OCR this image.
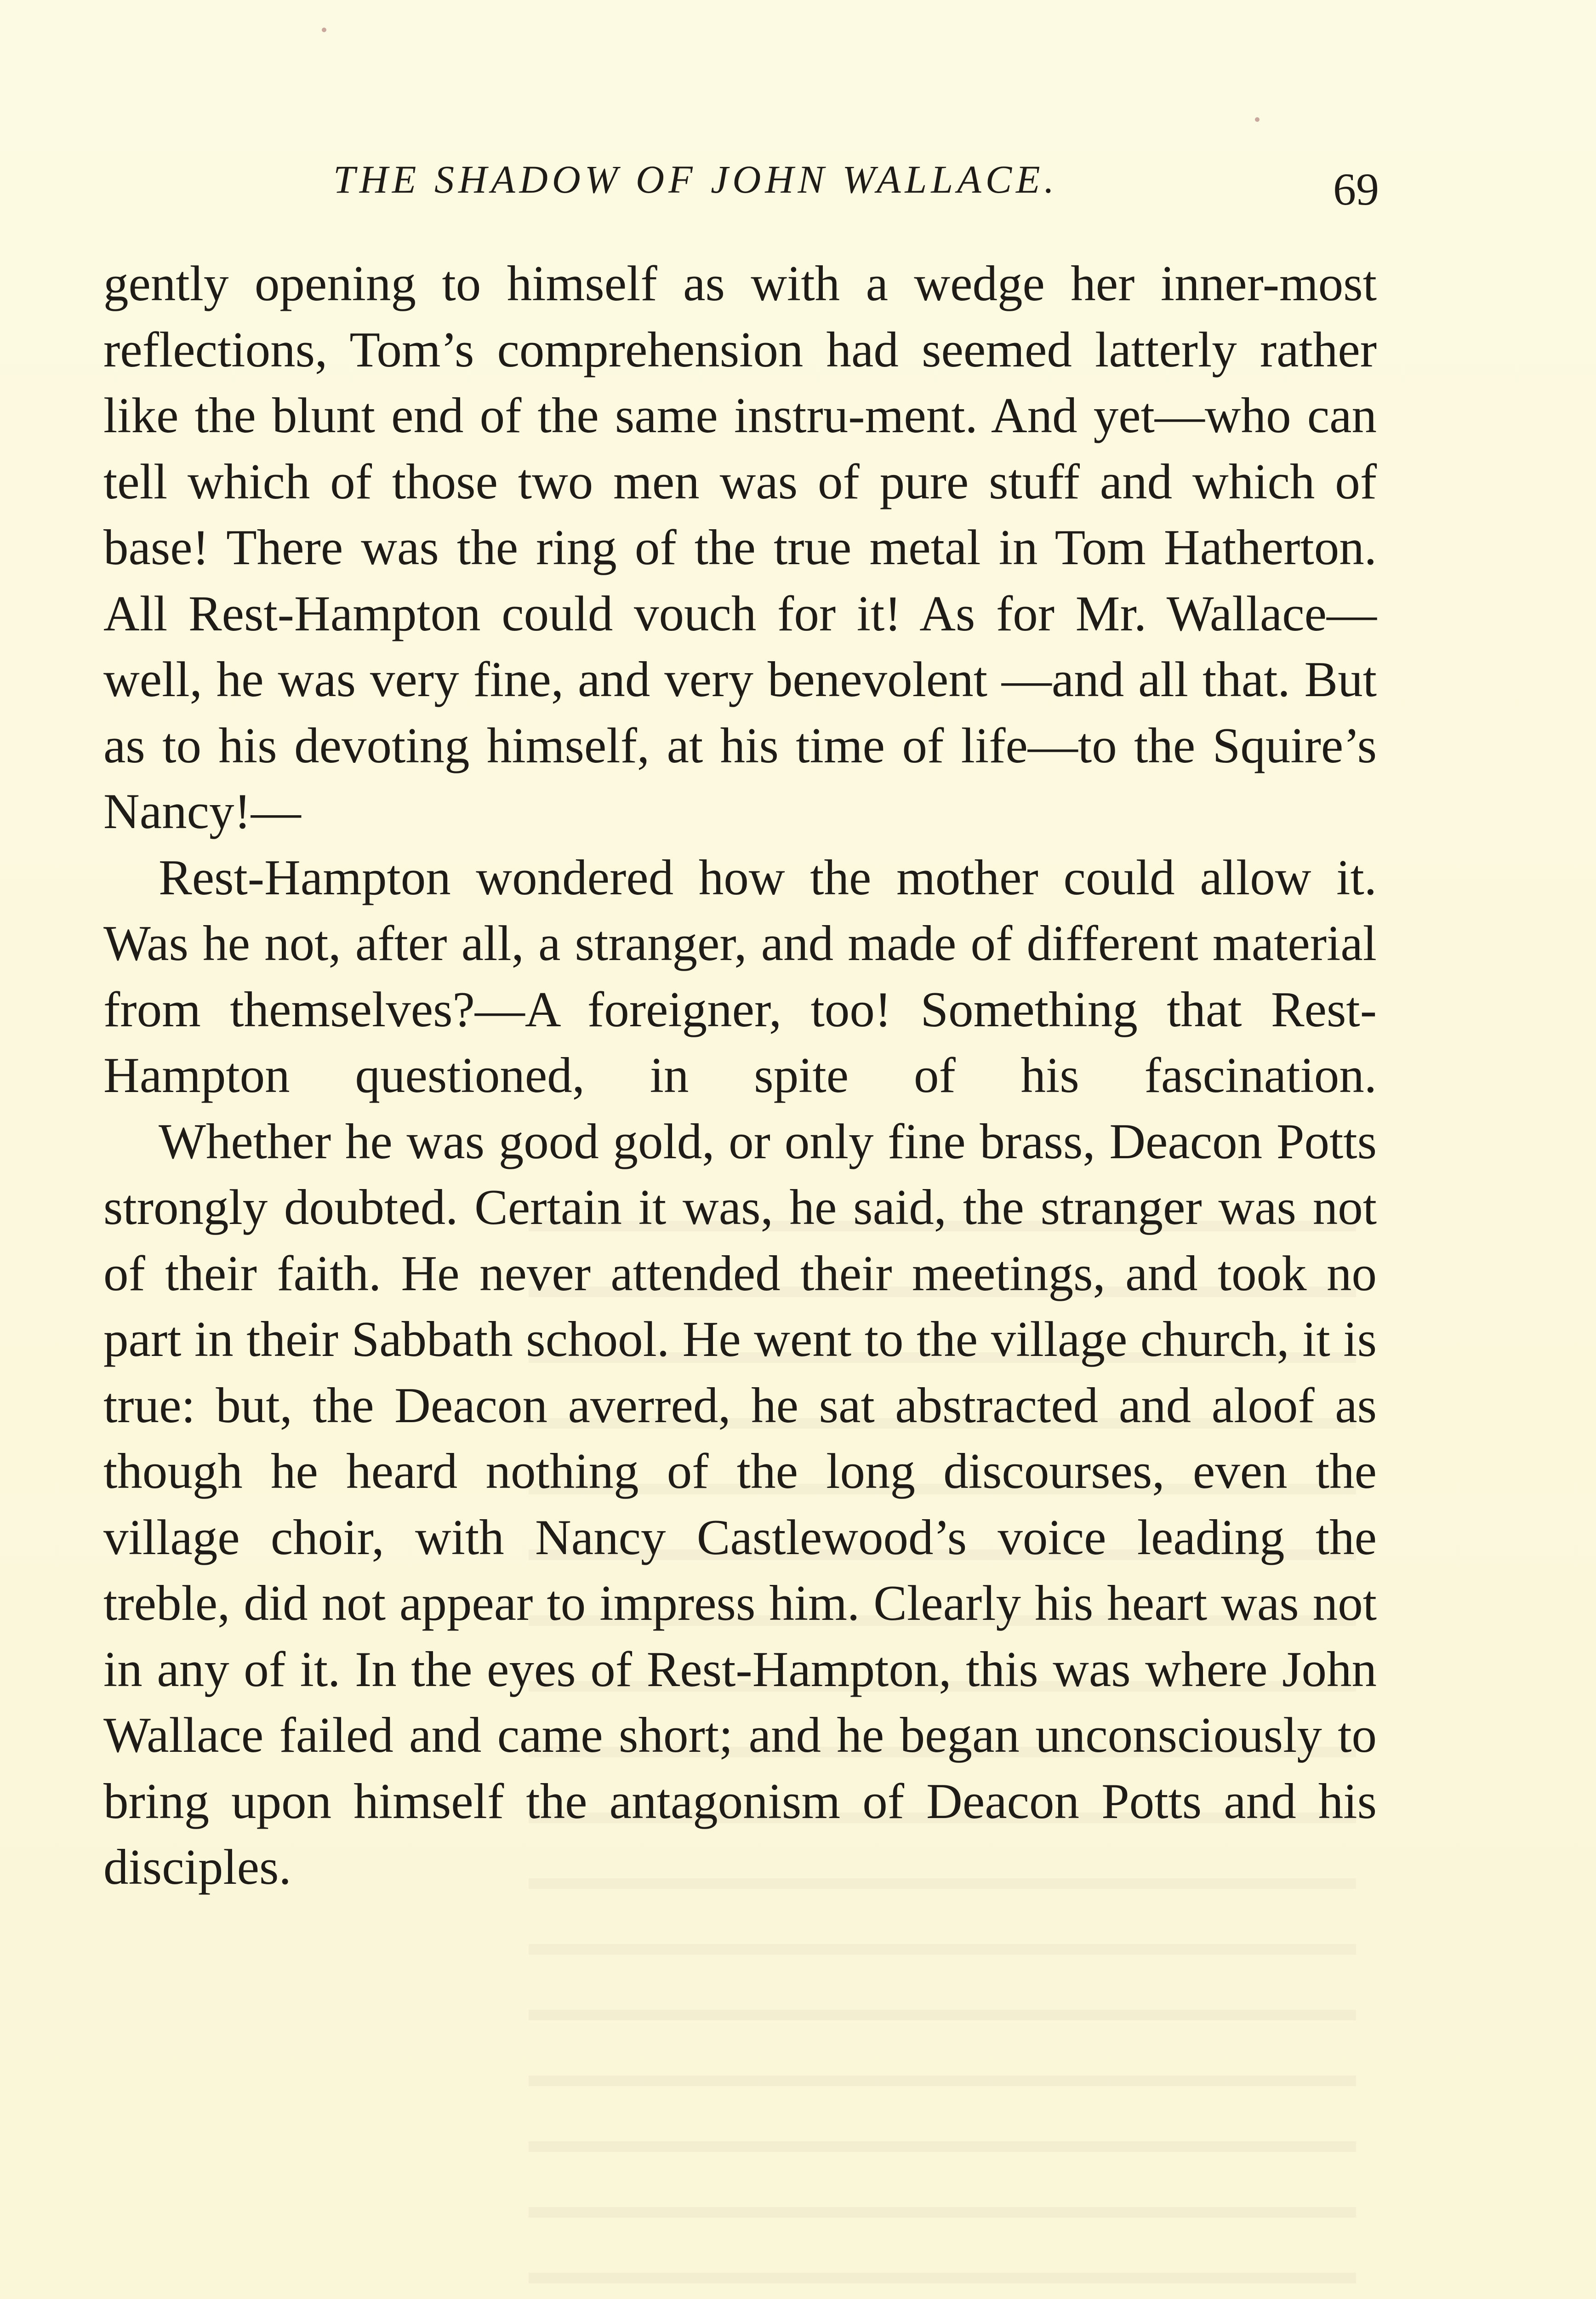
THE SHADOW OF JOHN WALLACE.	69

gently opening to himself as with a wedge her inner-most reflections, Tom’s comprehension had seemed latterly rather like the blunt end of the same instru-ment. And yet—who can tell which of those two men was of pure stuff and which of base! There was the ring of the true metal in Tom Hatherton. All Rest-Hampton could vouch for it! As for Mr. Wallace—well, he was very fine, and very benevolent —and all that. But as to his devoting himself, at his time of life—to the Squire’s Nancy!—

Rest-Hampton wondered how the mother could allow it. Was he not, after all, a stranger, and made of different material from themselves?—A foreigner, too! Something that Rest-Hampton questioned, in spite of his fascination.

Whether he was good gold, or only fine brass, Deacon Potts strongly doubted. Certain it was, he said, the stranger was not of their faith. He never attended their meetings, and took no part in their Sabbath school. He went to the village church, it is true: but, the Deacon averred, he sat abstracted and aloof as though he heard nothing of the long discourses, even the village choir, with Nancy Castlewood’s voice leading the treble, did not appear to impress him. Clearly his heart was not in any of it. In the eyes of Rest-Hampton, this was where John Wallace failed and came short; and he began unconsciously to bring upon himself the antagonism of Deacon Potts and his disciples.
